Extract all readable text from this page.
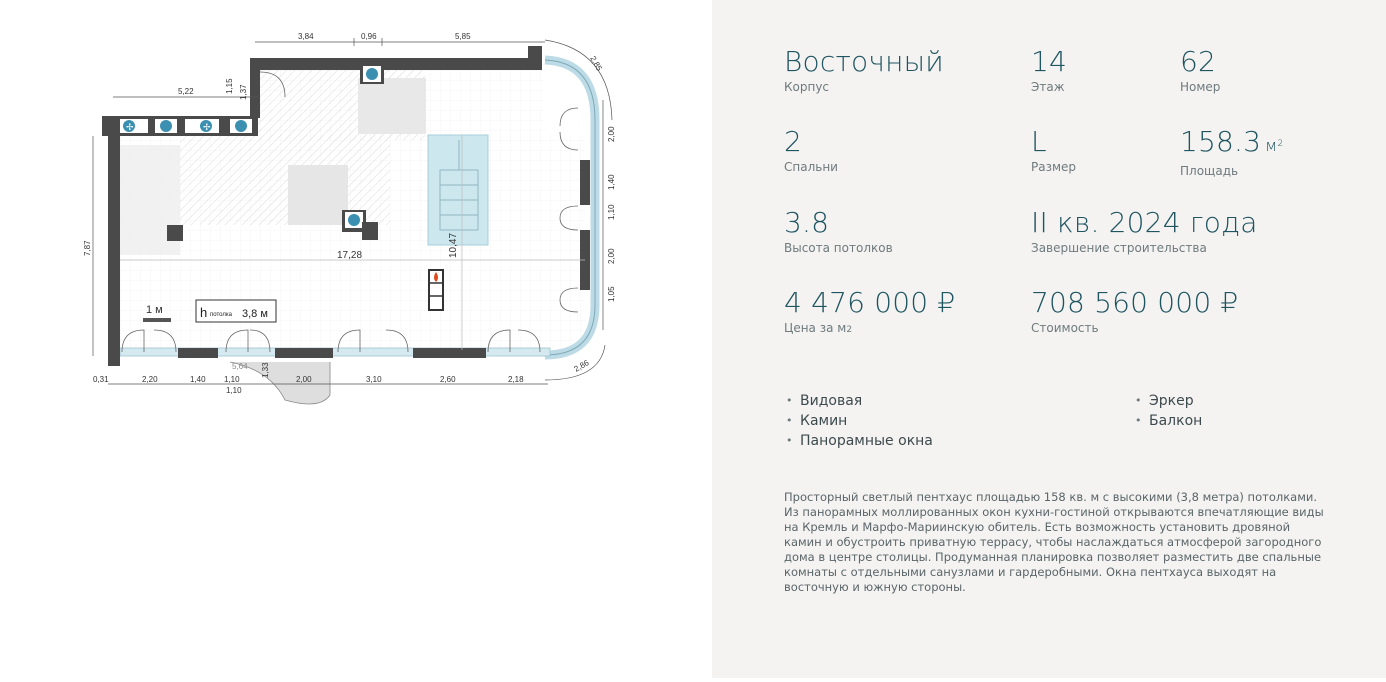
✢	✢
3,84	0,96	5,85
2,85
5,22	1,15 1,37
2,00
1,40
1,10
2,00
1,05
7,87	10,47
0,31	2,20	1,40 1,10
1,10
1,33
5,64
2,00	3,10	2,60	2,18
2,86
17,28
1 м	h потолка 3,8 м
Восточный
Корпус
14
Этаж
62
Номер
2
Спальни
L
Размер
158.3 $м^2$
Площадь
3.8
Высота потолков
II кв. 2024 года
Завершение строительства
4 476 000 ₽
Цена за $м^2$
708 560 000 ₽
Стоимость
• Видовая
• Камин
• Панорамные окна
• Эркер
• Балкон
Просторный светлый пентхаус площадью 158 кв. м с высокими (3,8 метра) потолками. Из панорамных моллированных окон кухни-гостиной открываются впечатляющие виды на Кремль и Марфо-Мариинскую обитель. Есть возможность установить дровяной камин и обустроить приватную террасу, чтобы наслаждаться атмосферой загородного дома в центре столицы. Продуманная планировка позволяет разместить две спальные комнаты с отдельными санузлами и гардеробными. Окна пентхауса выходят на восточную и южную стороны.
